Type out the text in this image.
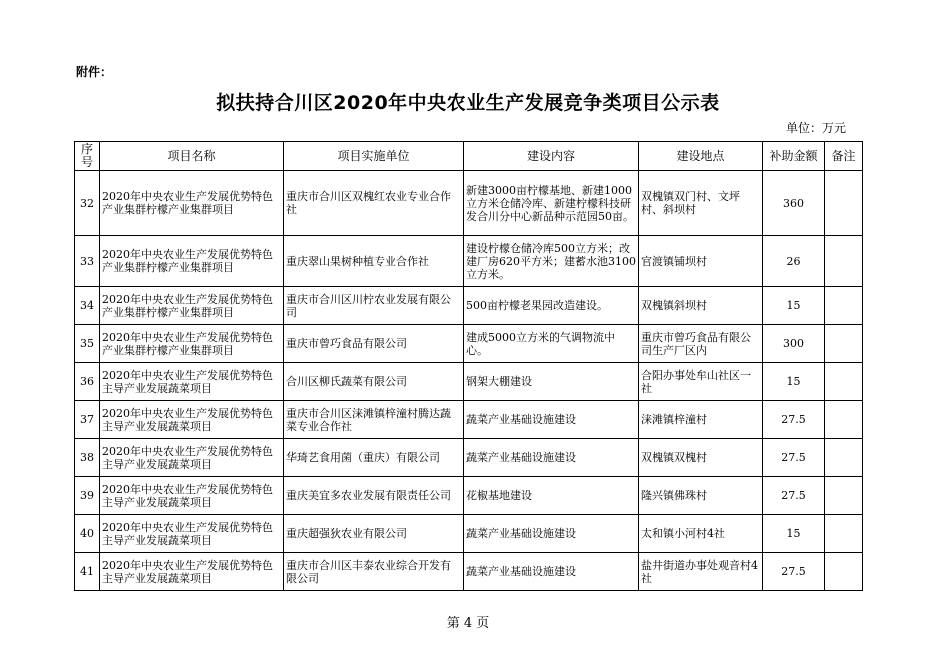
附件：
拟扶持合川区2020年中央农业生产发展竞争类项目公示表
单位：万元
序号	项目名称	项目实施单位	建设内容	建设地点	补助金额	备注
32	2020年中央农业生产发展优势特色产业集群柠檬产业集群项目	重庆市合川区双槐红农业专业合作社	新建3000亩柠檬基地、新建1000立方米仓储冷库、新建柠檬科技研发合川分中心新品种示范园50亩。	双槐镇双门村、文坪村、斜坝村	360	
33	2020年中央农业生产发展优势特色产业集群柠檬产业集群项目	重庆翠山果树种植专业合作社	建设柠檬仓储冷库500立方米；改建厂房620平方米；建蓄水池3100立方米。	官渡镇铺坝村	26	
34	2020年中央农业生产发展优势特色产业集群柠檬产业集群项目	重庆市合川区川柠农业发展有限公司	500亩柠檬老果园改造建设。	双槐镇斜坝村	15	
35	2020年中央农业生产发展优势特色产业集群柠檬产业集群项目	重庆市曾巧食品有限公司	建成5000立方米的气调物流中心。	重庆市曾巧食品有限公司生产厂区内	300	
36	2020年中央农业生产发展优势特色主导产业发展蔬菜项目	合川区柳氏蔬菜有限公司	钢架大棚建设	合阳办事处牟山社区一社	15	
37	2020年中央农业生产发展优势特色主导产业发展蔬菜项目	重庆市合川区涞滩镇梓潼村腾达蔬菜专业合作社	蔬菜产业基础设施建设	涞滩镇梓潼村	27.5	
38	2020年中央农业生产发展优势特色主导产业发展蔬菜项目	华琦艺食用菌（重庆）有限公司	蔬菜产业基础设施建设	双槐镇双槐村	27.5	
39	2020年中央农业生产发展优势特色主导产业发展蔬菜项目	重庆美宜多农业发展有限责任公司	花椒基地建设	隆兴镇佛珠村	27.5	
40	2020年中央农业生产发展优势特色主导产业发展蔬菜项目	重庆超强狄农业有限公司	蔬菜产业基础设施建设	太和镇小河村4社	15	
41	2020年中央农业生产发展优势特色主导产业发展蔬菜项目	重庆市合川区丰泰农业综合开发有限公司	蔬菜产业基础设施建设	盐井街道办事处观音村4社	27.5	
第 4 页
